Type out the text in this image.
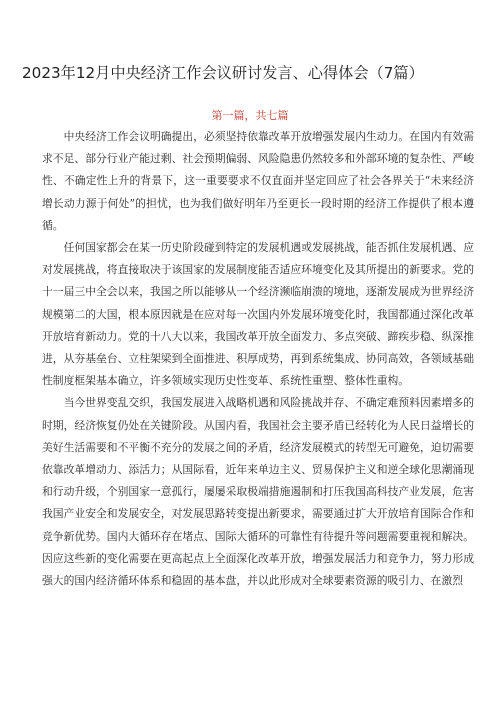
2023年12月中央经济工作会议研讨发言、心得体会（7篇）
第一篇，共七篇

中央经济工作会议明确提出，必须坚持依靠改革开放增强发展内生动力。在国内有效需求不足、部分行业产能过剩、社会预期偏弱、风险隐患仍然较多和外部环境的复杂性、严峻性、不确定性上升的背景下，这一重要要求不仅直面并坚定回应了社会各界关于“未来经济增长动力源于何处”的担忧，也为我们做好明年乃至更长一段时期的经济工作提供了根本遵循。

任何国家都会在某一历史阶段碰到特定的发展机遇或发展挑战，能否抓住发展机遇、应对发展挑战，将直接取决于该国家的发展制度能否适应环境变化及其所提出的新要求。党的十一届三中全会以来，我国之所以能够从一个经济濒临崩溃的境地，逐渐发展成为世界经济规模第二的大国，根本原因就是在应对每一次国内外发展环境变化时，我国都通过深化改革开放培育新动力。党的十八大以来，我国改革开放全面发力、多点突破、蹄疾步稳、纵深推进，从夯基垒台、立柱架梁到全面推进、积厚成势，再到系统集成、协同高效，各领域基础性制度框架基本确立，许多领域实现历史性变革、系统性重塑、整体性重构。

当今世界变乱交织，我国发展进入战略机遇和风险挑战并存、不确定难预料因素增多的时期，经济恢复仍处在关键阶段。从国内看，我国社会主要矛盾已经转化为人民日益增长的美好生活需要和不平衡不充分的发展之间的矛盾，经济发展模式的转型无可避免，迫切需要依靠改革增动力、添活力；从国际看，近年来单边主义、贸易保护主义和逆全球化思潮涌现和行动升级，个别国家一意孤行，屡屡采取极端措施遏制和打压我国高科技产业发展，危害我国产业安全和发展安全，对发展思路转变提出新要求，需要通过扩大开放培育国际合作和竞争新优势。国内大循环存在堵点、国际大循环的可靠性有待提升等问题需要重视和解决。因应这些新的变化需要在更高起点上全面深化改革开放，增强发展活力和竞争力，努力形成强大的国内经济循环体系和稳固的基本盘，并以此形成对全球要素资源的吸引力、在激烈
